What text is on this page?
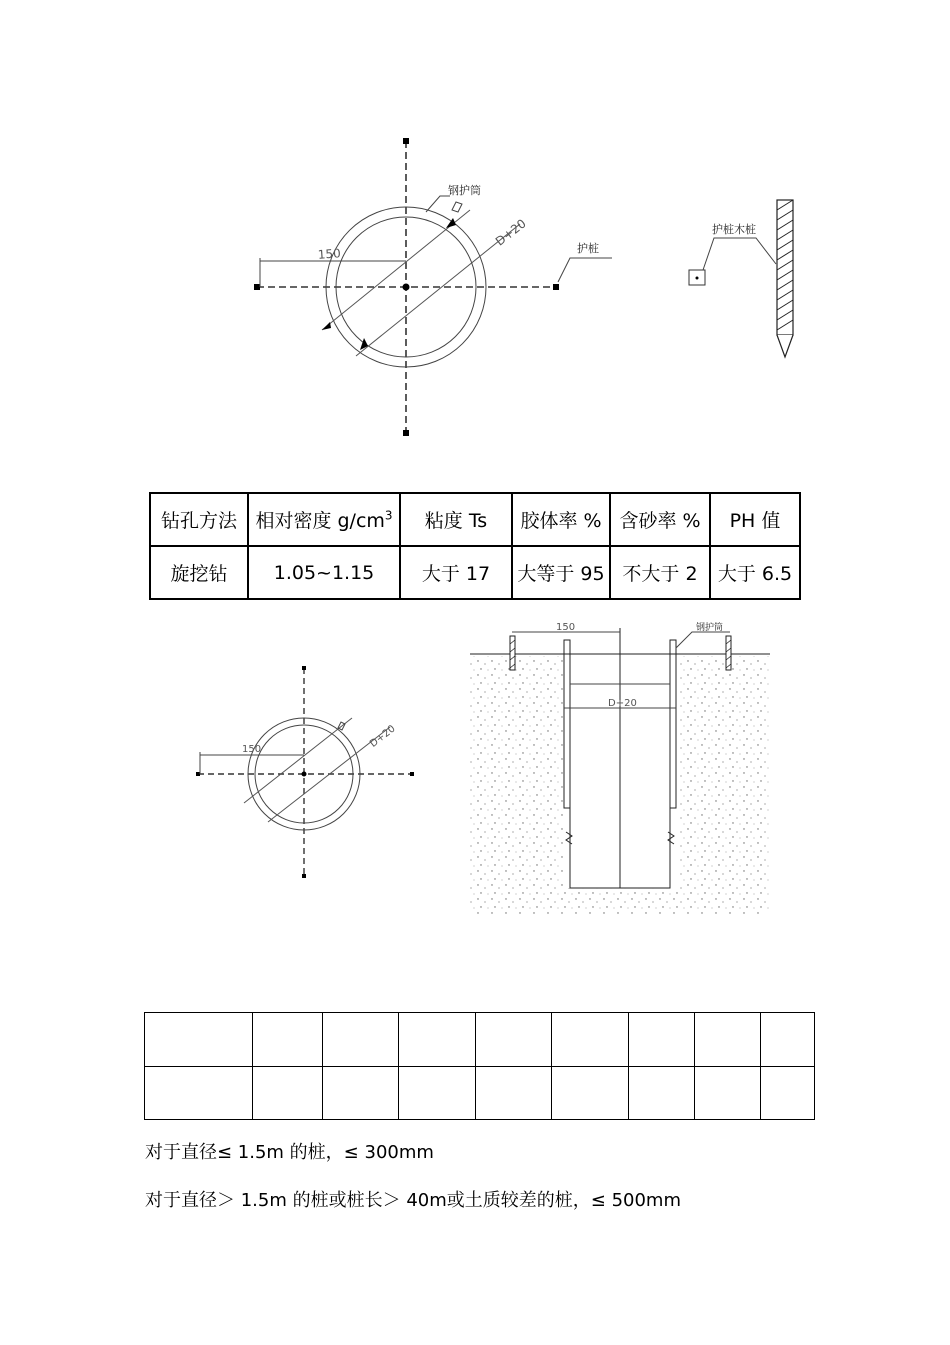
150
D+20
钢护筒
护桩
护桩木桩
钻孔方法	相对密度 $g/cm^3$	粘度 Ts	胶体率 %	含砂率 %	PH 值
旋挖钻	1.05~1.15	大于 17	大等于 95	不大于 2	大于 6.5
150	D+20
150
D+20
钢护筒

对于直径≤ 1.5m 的桩，≤ 300mm
对于直径＞ 1.5m 的桩或桩长＞ 40m或土质较差的桩，≤ 500mm
